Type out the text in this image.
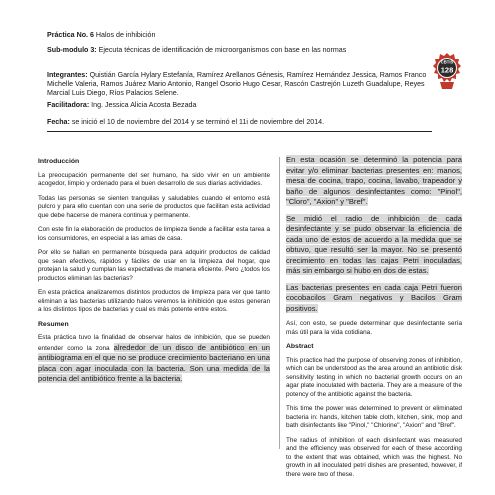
Práctica No. 6 Halos de inhibición
Sub-modulo 3: Ejecuta técnicas de identificación de microorganismos con base en las normas
Integrantes: Quistián García Hylary Estefanía, Ramírez Arellanos Génesis, Ramírez Hernández Jessica, Ramos Franco Michelle Valeria, Ramos Juárez Mario Antonio, Rangel Osorio Hugo Cesar, Rascón Castrejón Luzeth Guadalupe, Reyes Marcial Luis Diego, Ríos Palacios Selene.
Facilitadora: Ing. Jessica Alicia Acosta Bezada
Fecha: se inició el 10 de noviembre del 2014 y se terminó el 11i de noviembre del 2014.
CBTIS
128
Introducción

La preocupación permanente del ser humano, ha sido vivir en un ambiente acogedor, limpio y ordenado para el buen desarrollo de sus diarias actividades.

Todas las personas se sienten tranquilas y saludables cuando el entorno está pulcro y para ello cuentan con una serie de productos que facilitan esta actividad que debe hacerse de manera continua y permanente.

Con este fin la elaboración de productos de limpieza tiende a facilitar esta tarea a los consumidores, en especial a las amas de casa.

Por ello se hallan en permanente búsqueda para adquirir productos de calidad que sean efectivos, rápidos y fáciles de usar en la limpieza del hogar, que protejan la salud y cumplan las expectativas de manera eficiente. Pero ¿todos los productos eliminan las bacterias?

En esta práctica analizaremos distintos productos de limpieza para ver que tanto eliminan a las bacterias utilizando halos veremos la inhibición que estos generan a los distintos tipos de bacterias y cual es más potente entre estos.

Resumen

Esta práctica tuvo la finalidad de observar halos de inhibición, que se pueden entender como la zona alrededor de un disco de antibiótico en un antibiograma en el que no se produce crecimiento bacteriano en una placa con agar inoculada con la bacteria. Son una medida de la potencia del antibiótico frente a la bacteria.

En esta ocasión se determinó la potencia para evitar y/o eliminar bacterias presentes en: manos, mesa de cocina, trapo, cocina, lavabo, trapeador y baño de algunos desinfectantes como: "Pinol", "Cloro", "Axion" y "Bref".

Se midió el radio de inhibición de cada desinfectante y se pudo observar la eficiencia de cada uno de estos de acuerdo a la medida que se obtuvo, que resultó ser la mayor. No se presentó crecimiento en todas las cajas Petri inoculadas, más sin embargo si hubo en dos de estas.

Las bacterias presentes en cada caja Petri fueron cocobacilos Gram negativos y Bacilos Gram positivos.

Así, con esto, se puede determinar que desinfectante sería más útil para la vida cotidiana.

Abstract

This practice had the purpose of observing zones of inhibition, which can be understood as the area around an antibiotic disk sensitivity testing in which no bacterial growth occurs on an agar plate inoculated with bacteria. They are a measure of the potency of the antibiotic against the bacteria.

This time the power was determined to prevent or eliminated bacteria in: hands, kitchen table cloth, kitchen, sink, mop and bath disinfectants like "Pinol," "Chlorine", "Axion" and "Bref".

The radius of inhibition of each disinfectant was measured and the efficiency was observed for each of these according to the extent that was obtained, which was the highest. No growth in all inoculated petri dishes are presented, however, if there were two of these.
